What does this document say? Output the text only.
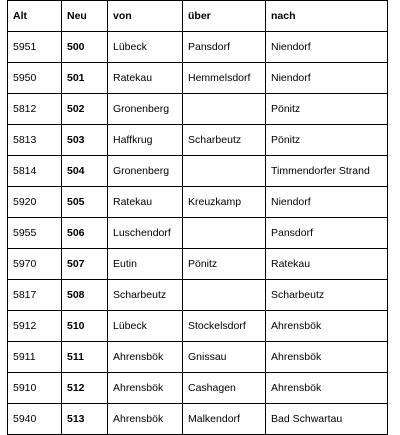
Alt	Neu	von	über	nach
5951	500	Lübeck	Pansdorf	Niendorf
5950	501	Ratekau	Hemmelsdorf	Niendorf
5812	502	Gronenberg		Pönitz
5813	503	Haffkrug	Scharbeutz	Pönitz
5814	504	Gronenberg		Timmendorfer Strand
5920	505	Ratekau	Kreuzkamp	Niendorf
5955	506	Luschendorf		Pansdorf
5970	507	Eutin	Pönitz	Ratekau
5817	508	Scharbeutz		Scharbeutz
5912	510	Lübeck	Stockelsdorf	Ahrensbök
5911	511	Ahrensbök	Gnissau	Ahrensbök
5910	512	Ahrensbök	Cashagen	Ahrensbök
5940	513	Ahrensbök	Malkendorf	Bad Schwartau
